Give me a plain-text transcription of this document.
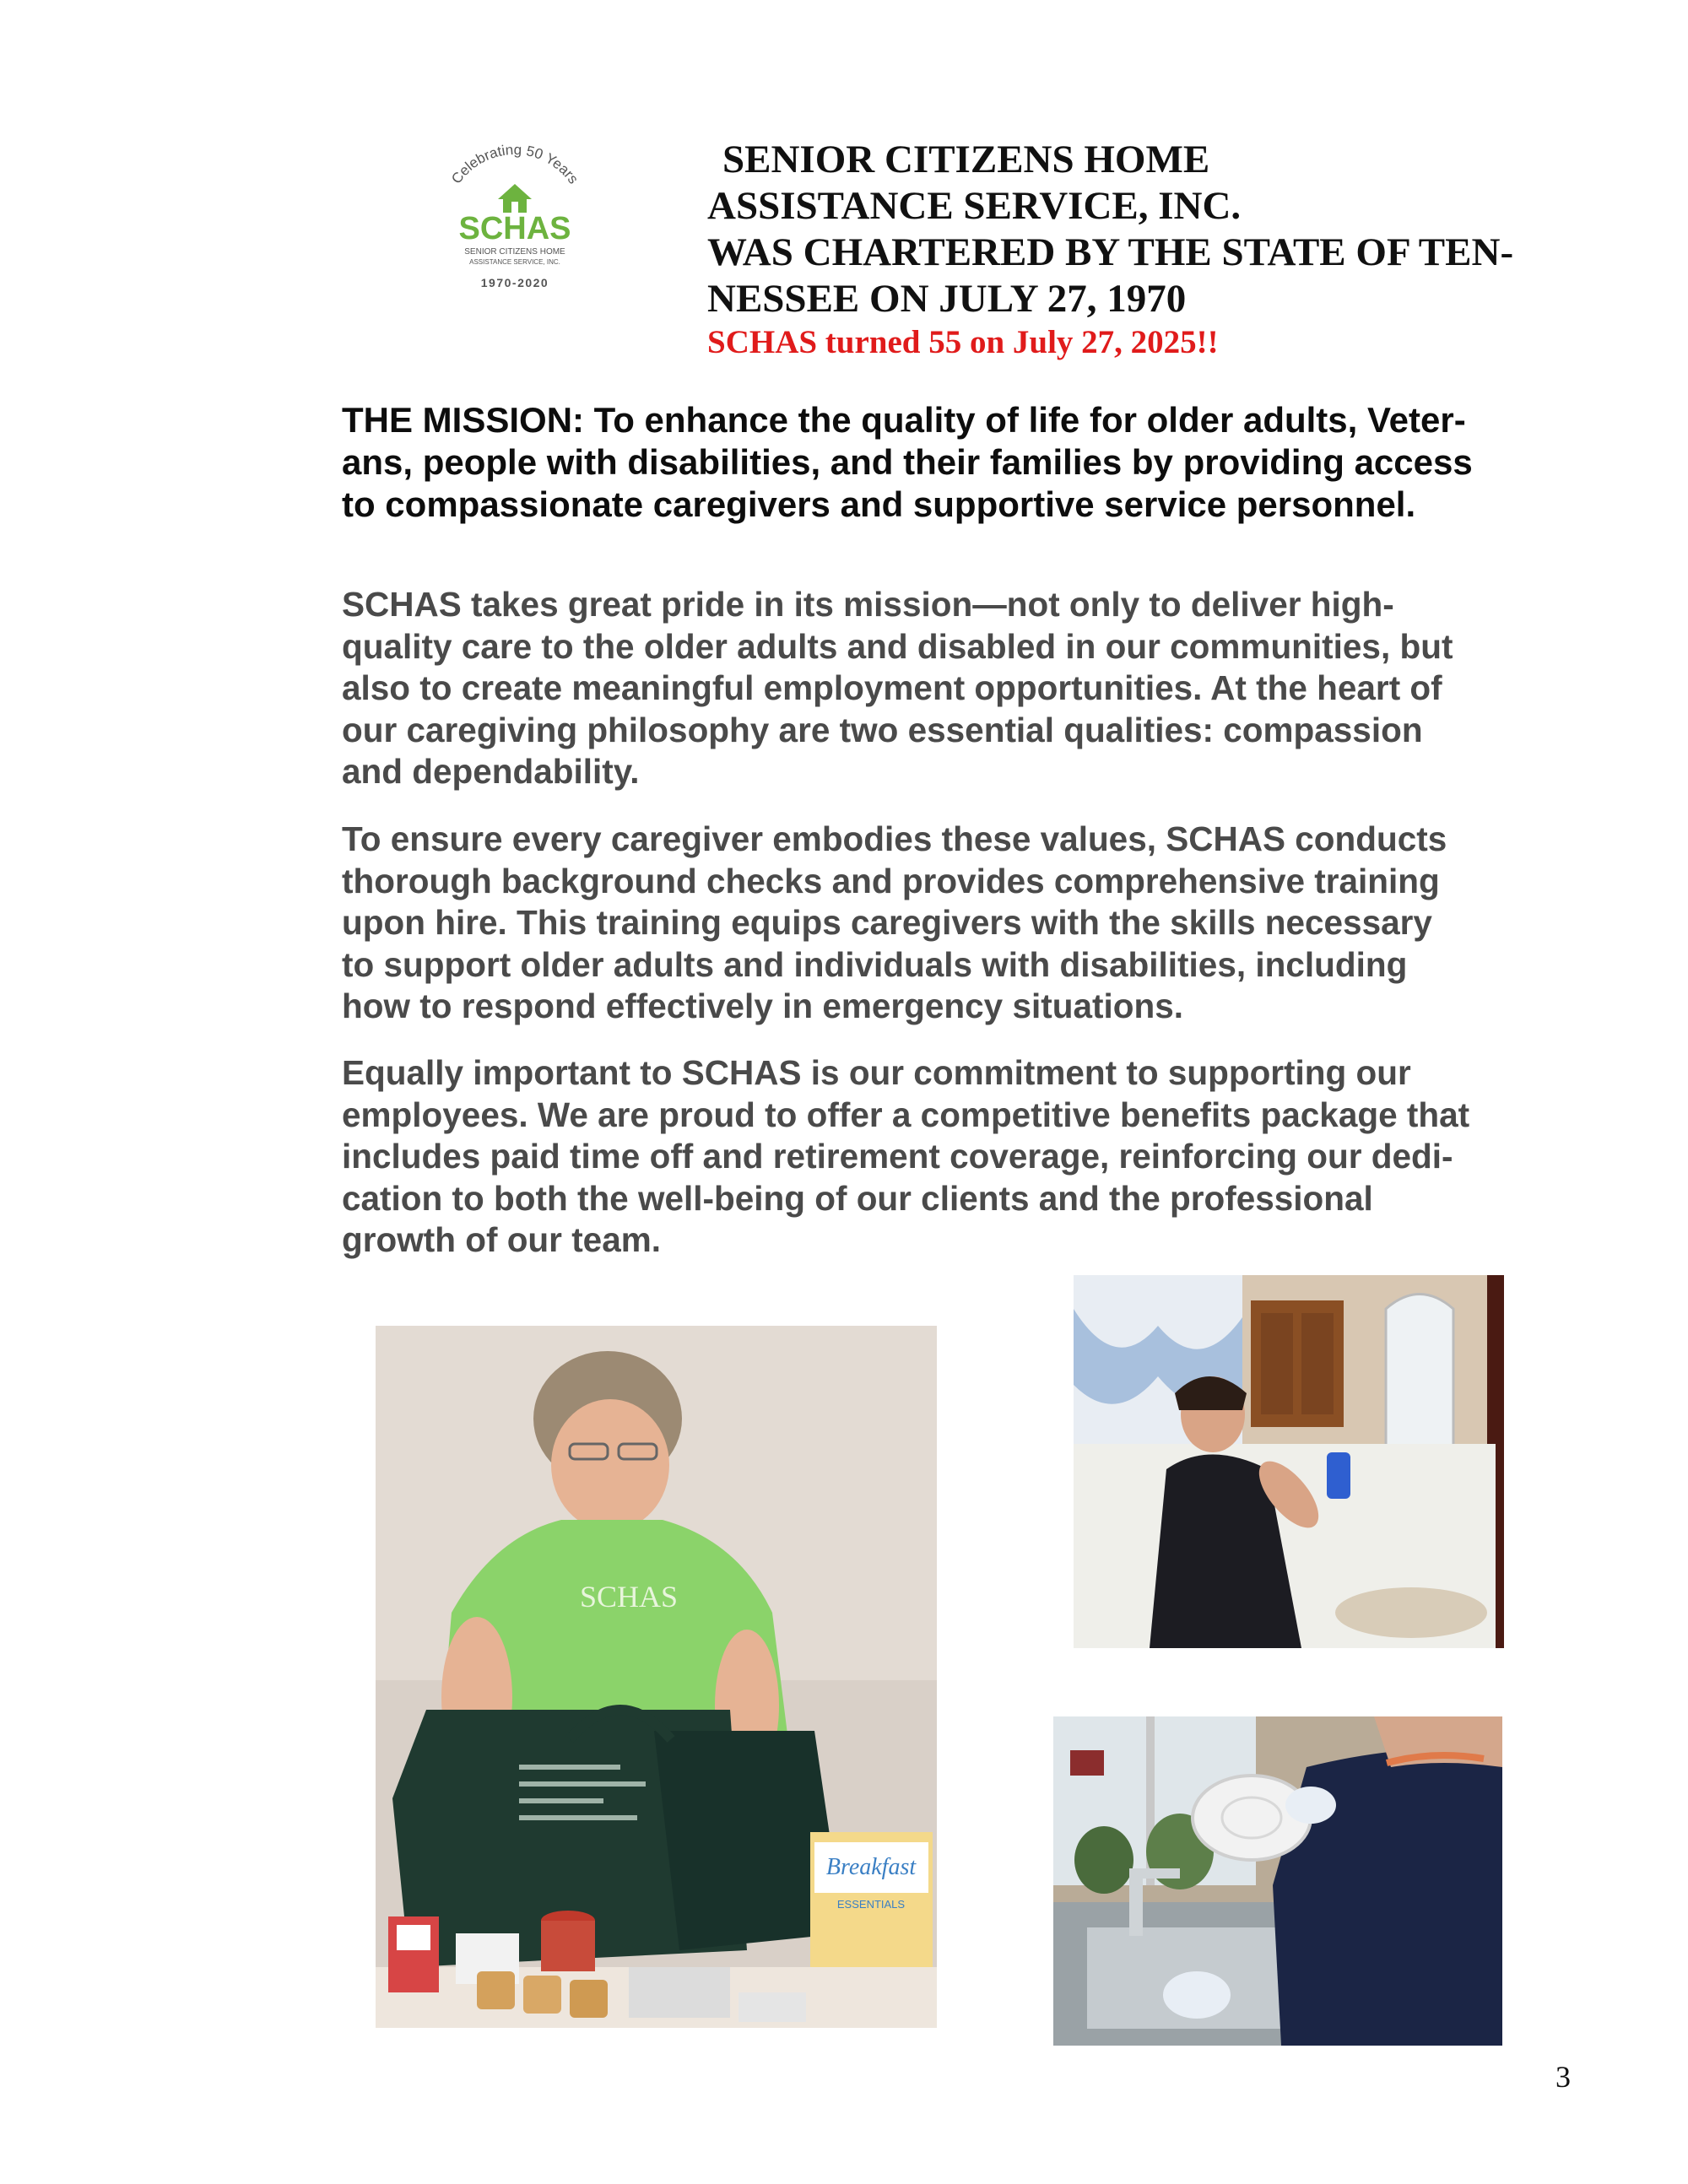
Celebrating 50 Years
SCHAS
SENIOR CITIZENS HOME
ASSISTANCE SERVICE, INC.
1970-2020
SENIOR CITIZENS HOME
ASSISTANCE SERVICE, INC.
WAS CHARTERED BY THE STATE OF TEN-
NESSEE ON JULY 27, 1970
SCHAS turned 55 on July 27, 2025!!
THE MISSION: To enhance the quality of life for older adults, Veter-
ans, people with disabilities, and their families by providing access
to compassionate caregivers and supportive service personnel.
SCHAS takes great pride in its mission—not only to deliver high-
quality care to the older adults and disabled in our communities, but
also to create meaningful employment opportunities. At the heart of
our caregiving philosophy are two essential qualities: compassion
and dependability.
To ensure every caregiver embodies these values, SCHAS conducts
thorough background checks and provides comprehensive training
upon hire. This training equips caregivers with the skills necessary
to support older adults and individuals with disabilities, including
how to respond effectively in emergency situations.
Equally important to SCHAS is our commitment to supporting our
employees. We are proud to offer a competitive benefits package that
includes paid time off and retirement coverage, reinforcing our dedi-
cation to both the well-being of our clients and the professional
growth of our team.
SCHAS
Breakfast
ESSENTIALS
3
